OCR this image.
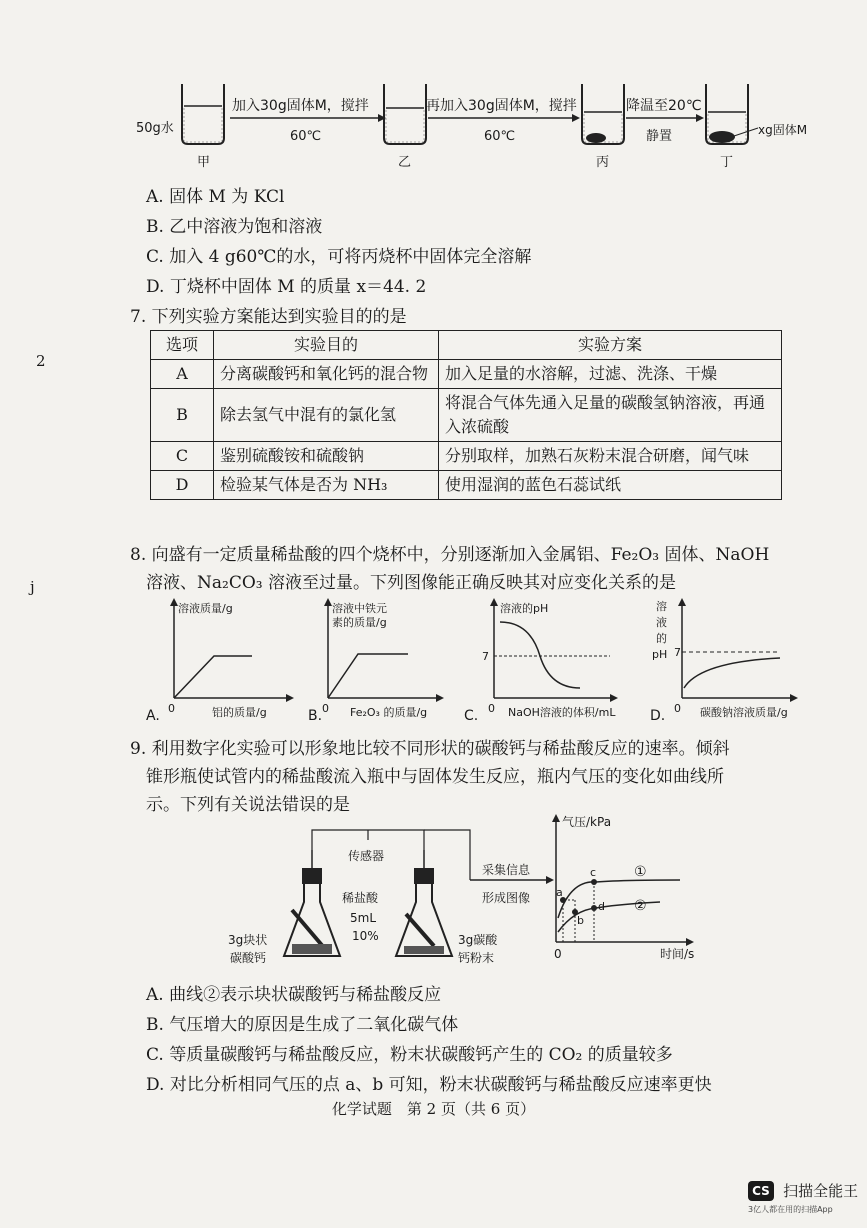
50g水
甲
加入30g固体M，搅拌
60℃
乙
再加入30g固体M，搅拌
60℃
丙
降温至20℃
静置
丁
xg固体M
A. 固体 M 为 KCl
B. 乙中溶液为饱和溶液
C. 加入 4 g60℃的水，可将丙烧杯中固体完全溶解
D. 丁烧杯中固体 M 的质量 x＝44. 2
2
j
7. 下列实验方案能达到实验目的的是
选项	实验目的	实验方案
A	分离碳酸钙和氧化钙的混合物	加入足量的水溶解，过滤、洗涤、干燥
B	除去氢气中混有的氯化氢	将混合气体先通入足量的碳酸氢钠溶液，再通入浓硫酸
C	鉴别硫酸铵和硫酸钠	分别取样，加熟石灰粉末混合研磨，闻气味
D	检验某气体是否为 NH₃	使用湿润的蓝色石蕊试纸
8. 向盛有一定质量稀盐酸的四个烧杯中，分别逐渐加入金属铝、Fe₂O₃ 固体、NaOH
溶液、Na₂CO₃ 溶液至过量。下列图像能正确反映其对应变化关系的是
溶液质量/g
铝的质量/g
0
A.
溶液中铁元
素的质量/g
Fe₂O₃ 的质量/g
0
B.
溶液的pH
7
NaOH溶液的体积/mL
0
C.
溶
液
的
pH 7
碳酸钠溶液质量/g
0
D.
9. 利用数字化实验可以形象地比较不同形状的碳酸钙与稀盐酸反应的速率。倾斜
锥形瓶使试管内的稀盐酸流入瓶中与固体发生反应，瓶内气压的变化如曲线所
示。下列有关说法错误的是
传感器
稀盐酸
5mL
10%
3g块状
碳酸钙
3g碳酸
钙粉末
采集信息
形成图像
气压/kPa
时间/s
0
①
②
a
b
c
d
A. 曲线②表示块状碳酸钙与稀盐酸反应
B. 气压增大的原因是生成了二氧化碳气体
C. 等质量碳酸钙与稀盐酸反应，粉末状碳酸钙产生的 CO₂ 的质量较多
D. 对比分析相同气压的点 a、b 可知，粉末状碳酸钙与稀盐酸反应速率更快
化学试题　第 2 页（共 6 页）
CS 扫描全能王
3亿人都在用的扫描App
